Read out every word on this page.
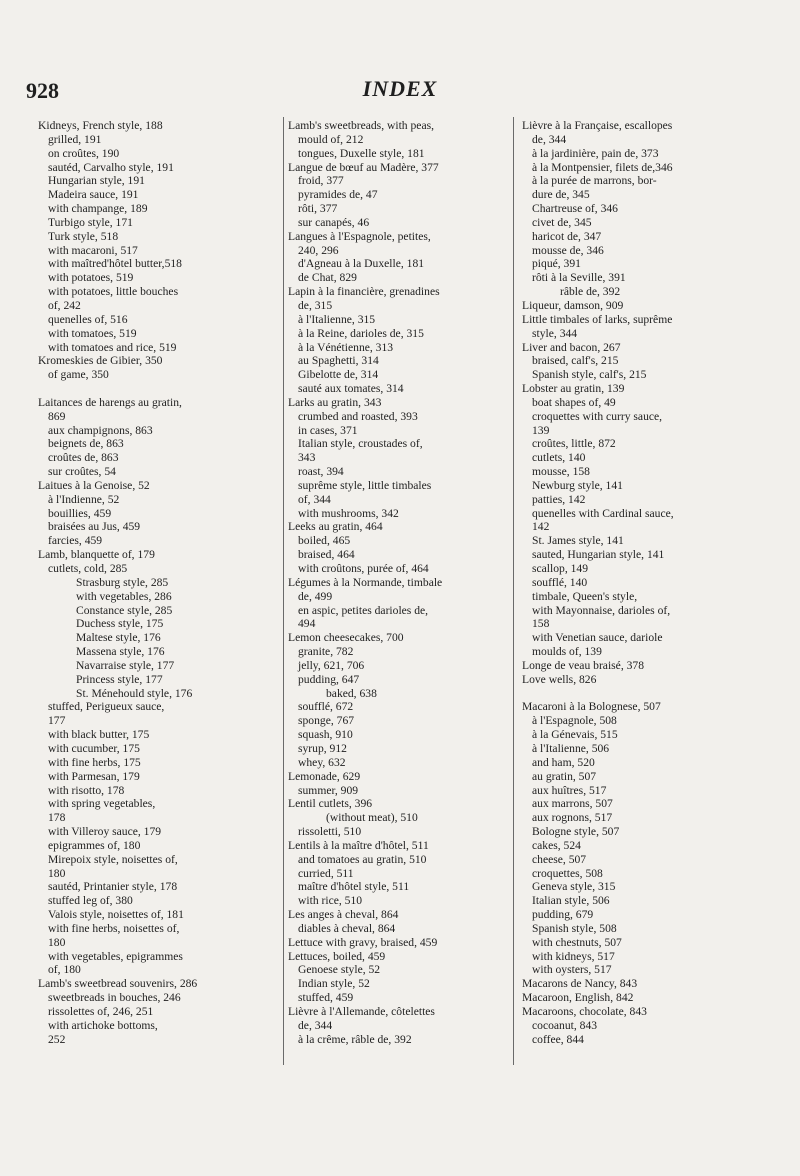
928	INDEX
Kidneys, French style, 188
grilled, 191
on croûtes, 190
sautéd, Carvalho style, 191
Hungarian style, 191
Madeira sauce, 191
with champange, 189
Turbigo style, 171
Turk style, 518
with macaroni, 517
with maîtred'hôtel butter,518
with potatoes, 519
with potatoes, little bouches
of, 242
quenelles of, 516
with tomatoes, 519
with tomatoes and rice, 519
Kromeskies de Gibier, 350
of game, 350
Laitances de harengs au gratin,
869
aux champignons, 863
beignets de, 863
croûtes de, 863
sur croûtes, 54
Laitues à la Genoise, 52
à l'Indienne, 52
bouillies, 459
braisées au Jus, 459
farcies, 459
Lamb, blanquette of, 179
cutlets, cold, 285
Strasburg style, 285
with vegetables, 286
Constance style, 285
Duchess style, 175
Maltese style, 176
Massena style, 176
Navarraise style, 177
Princess style, 177
St. Ménehould style, 176
stuffed, Perigueux sauce,
177
with black butter, 175
with cucumber, 175
with fine herbs, 175
with Parmesan, 179
with risotto, 178
with spring vegetables,
178
with Villeroy sauce, 179
epigrammes of, 180
Mirepoix style, noisettes of,
180
sautéd, Printanier style, 178
stuffed leg of, 380
Valois style, noisettes of, 181
with fine herbs, noisettes of,
180
with vegetables, epigrammes
of, 180
Lamb's sweetbread souvenirs, 286
sweetbreads in bouches, 246
rissolettes of, 246, 251
with artichoke bottoms,
252
Lamb's sweetbreads, with peas,
mould of, 212
tongues, Duxelle style, 181
Langue de bœuf au Madère, 377
froid, 377
pyramides de, 47
rôti, 377
sur canapés, 46
Langues à l'Espagnole, petites,
240, 296
d'Agneau à la Duxelle, 181
de Chat, 829
Lapin à la financière, grenadines
de, 315
à l'Italienne, 315
à la Reine, darioles de, 315
à la Vénétienne, 313
au Spaghetti, 314
Gibelotte de, 314
sauté aux tomates, 314
Larks au gratin, 343
crumbed and roasted, 393
in cases, 371
Italian style, croustades of,
343
roast, 394
suprême style, little timbales
of, 344
with mushrooms, 342
Leeks au gratin, 464
boiled, 465
braised, 464
with croûtons, purée of, 464
Légumes à la Normande, timbale
de, 499
en aspic, petites darioles de,
494
Lemon cheesecakes, 700
granite, 782
jelly, 621, 706
pudding, 647
baked, 638
soufflé, 672
sponge, 767
squash, 910
syrup, 912
whey, 632
Lemonade, 629
summer, 909
Lentil cutlets, 396
(without meat), 510
rissoletti, 510
Lentils à la maître d'hôtel, 511
and tomatoes au gratin, 510
curried, 511
maître d'hôtel style, 511
with rice, 510
Les anges à cheval, 864
diables à cheval, 864
Lettuce with gravy, braised, 459
Lettuces, boiled, 459
Genoese style, 52
Indian style, 52
stuffed, 459
Lièvre à l'Allemande, côtelettes
de, 344
à la crême, râble de, 392
Lièvre à la Française, escallopes
de, 344
à la jardinière, pain de, 373
à la Montpensier, filets de,346
à la purée de marrons, bor-
dure de, 345
Chartreuse of, 346
civet de, 345
haricot de, 347
mousse de, 346
piqué, 391
rôti à la Seville, 391
râble de, 392
Liqueur, damson, 909
Little timbales of larks, suprême
style, 344
Liver and bacon, 267
braised, calf's, 215
Spanish style, calf's, 215
Lobster au gratin, 139
boat shapes of, 49
croquettes with curry sauce,
139
croûtes, little, 872
cutlets, 140
mousse, 158
Newburg style, 141
patties, 142
quenelles with Cardinal sauce,
142
St. James style, 141
sauted, Hungarian style, 141
scallop, 149
soufflé, 140
timbale, Queen's style,
with Mayonnaise, darioles of,
158
with Venetian sauce, dariole
moulds of, 139
Longe de veau braisé, 378
Love wells, 826
Macaroni à la Bolognese, 507
à l'Espagnole, 508
à la Génevais, 515
à l'Italienne, 506
and ham, 520
au gratin, 507
aux huîtres, 517
aux marrons, 507
aux rognons, 517
Bologne style, 507
cakes, 524
cheese, 507
croquettes, 508
Geneva style, 315
Italian style, 506
pudding, 679
Spanish style, 508
with chestnuts, 507
with kidneys, 517
with oysters, 517
Macarons de Nancy, 843
Macaroon, English, 842
Macaroons, chocolate, 843
cocoanut, 843
coffee, 844
